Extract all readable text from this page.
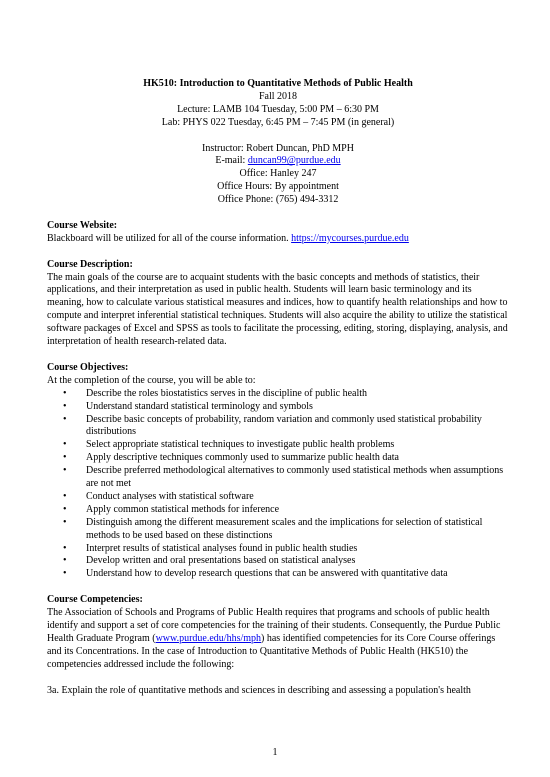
HK510: Introduction to Quantitative Methods of Public Health
Fall 2018
Lecture: LAMB 104 Tuesday, 5:00 PM – 6:30 PM
Lab: PHYS 022 Tuesday, 6:45 PM – 7:45 PM (in general)
Instructor: Robert Duncan, PhD MPH
E-mail: duncan99@purdue.edu
Office: Hanley 247
Office Hours: By appointment
Office Phone: (765) 494-3312
Course Website:
Blackboard will be utilized for all of the course information. https://mycourses.purdue.edu
Course Description:

The main goals of the course are to acquaint students with the basic concepts and methods of statistics, their applications, and their interpretation as used in public health. Students will learn basic terminology and its meaning, how to calculate various statistical measures and indices, how to quantify health relationships and how to compute and interpret inferential statistical techniques. Students will also acquire the ability to utilize the statistical software packages of Excel and SPSS as tools to facilitate the processing, editing, storing, displaying, analysis, and interpretation of health research-related data.

Course Objectives:
At the completion of the course, you will be able to:
• Describe the roles biostatistics serves in the discipline of public health
• Understand standard statistical terminology and symbols
• Describe basic concepts of probability, random variation and commonly used statistical probability distributions
• Select appropriate statistical techniques to investigate public health problems
• Apply descriptive techniques commonly used to summarize public health data
• Describe preferred methodological alternatives to commonly used statistical methods when assumptions are not met
• Conduct analyses with statistical software
• Apply common statistical methods for inference
• Distinguish among the different measurement scales and the implications for selection of statistical methods to be used based on these distinctions
• Interpret results of statistical analyses found in public health studies
• Develop written and oral presentations based on statistical analyses
• Understand how to develop research questions that can be answered with quantitative data
Course Competencies:

The Association of Schools and Programs of Public Health requires that programs and schools of public health identify and support a set of core competencies for the training of their students. Consequently, the Purdue Public Health Graduate Program (www.purdue.edu/hhs/mph) has identified competencies for its Core Course offerings and its Concentrations. In the case of Introduction to Quantitative Methods of Public Health (HK510) the competencies addressed include the following:

3a. Explain the role of quantitative methods and sciences in describing and assessing a population's health
1
